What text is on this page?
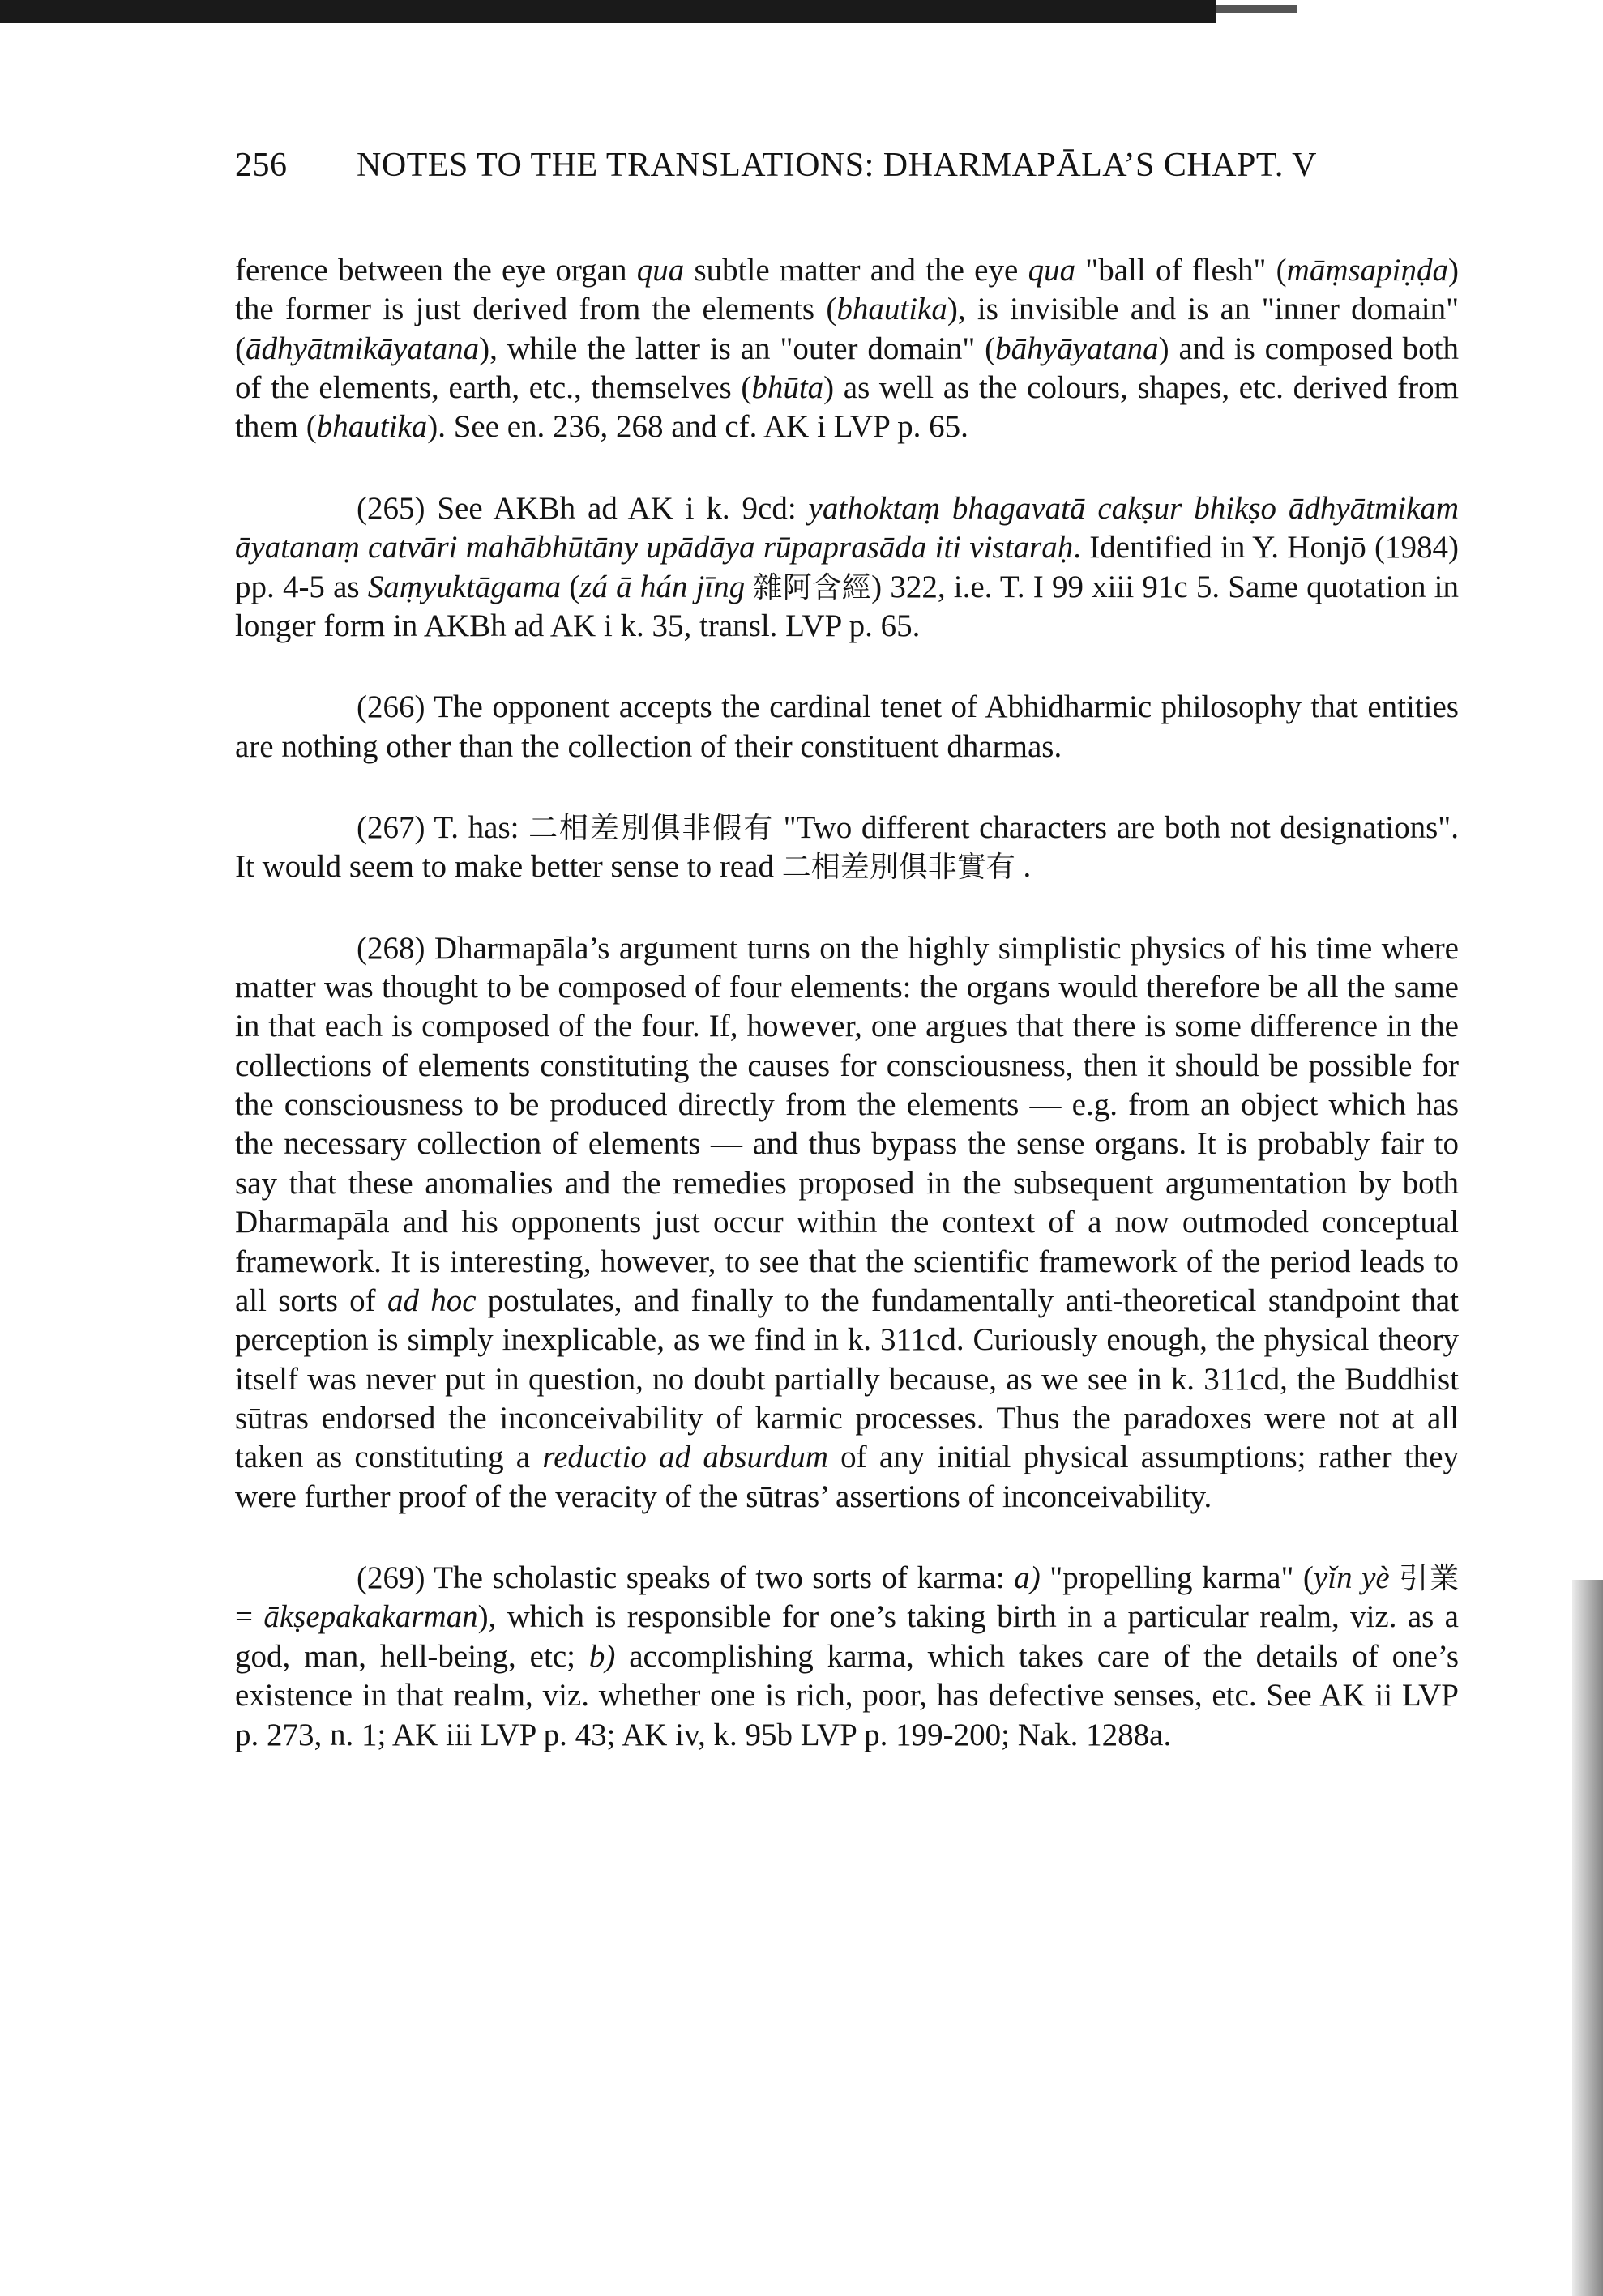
256 NOTES TO THE TRANSLATIONS: DHARMAPĀLA’S CHAPT. V

ference between the eye organ qua subtle matter and the eye qua "ball of flesh" (māṃsapiṇḍa) the former is just derived from the elements (bhautika), is invisible and is an "inner domain" (ādhyātmikāyatana), while the latter is an "outer domain" (bāhyāyatana) and is composed both of the elements, earth, etc., themselves (bhūta) as well as the colours, shapes, etc. derived from them (bhautika). See en. 236, 268 and cf. AK i LVP p. 65.

(265) See AKBh ad AK i k. 9cd: yathoktaṃ bhagavatā cakṣur bhikṣo ādhyātmikam āyatanaṃ catvāri mahābhūtāny upādāya rūpaprasāda iti vistaraḥ. Identified in Y. Honjō (1984) pp. 4-5 as Saṃyuktāgama (zá ā hán jīng 雜阿含經) 322, i.e. T. I 99 xiii 91c 5. Same quotation in longer form in AKBh ad AK i k. 35, transl. LVP p. 65.

(266) The opponent accepts the cardinal tenet of Abhidharmic philosophy that entities are nothing other than the collection of their constituent dharmas.

(267) T. has: 二相差別俱非假有 "Two different characters are both not designations". It would seem to make better sense to read 二相差別俱非實有 .

(268) Dharmapāla’s argument turns on the highly simplistic physics of his time where matter was thought to be composed of four elements: the organs would therefore be all the same in that each is composed of the four. If, however, one argues that there is some difference in the collections of elements constituting the causes for consciousness, then it should be possible for the consciousness to be produced directly from the elements — e.g. from an object which has the necessary collection of elements — and thus bypass the sense organs. It is probably fair to say that these anomalies and the remedies proposed in the subsequent argumentation by both Dharmapāla and his opponents just occur within the context of a now outmoded conceptual framework. It is interesting, however, to see that the scientific framework of the period leads to all sorts of ad hoc postulates, and finally to the fundamentally anti-theoretical standpoint that perception is simply inexplicable, as we find in k. 311cd. Curiously enough, the physical theory itself was never put in question, no doubt partially because, as we see in k. 311cd, the Buddhist sūtras endorsed the inconceivability of karmic processes. Thus the paradoxes were not at all taken as constituting a reductio ad absurdum of any initial physical assumptions; rather they were further proof of the veracity of the sūtras’ assertions of inconceivability.

(269) The scholastic speaks of two sorts of karma: a) "propelling karma" (yǐn yè 引業 = ākṣepakakarman), which is responsible for one’s taking birth in a particular realm, viz. as a god, man, hell-being, etc; b) accomplishing karma, which takes care of the details of one’s existence in that realm, viz. whether one is rich, poor, has defective senses, etc. See AK ii LVP p. 273, n. 1; AK iii LVP p. 43; AK iv, k. 95b LVP p. 199-200; Nak. 1288a.
